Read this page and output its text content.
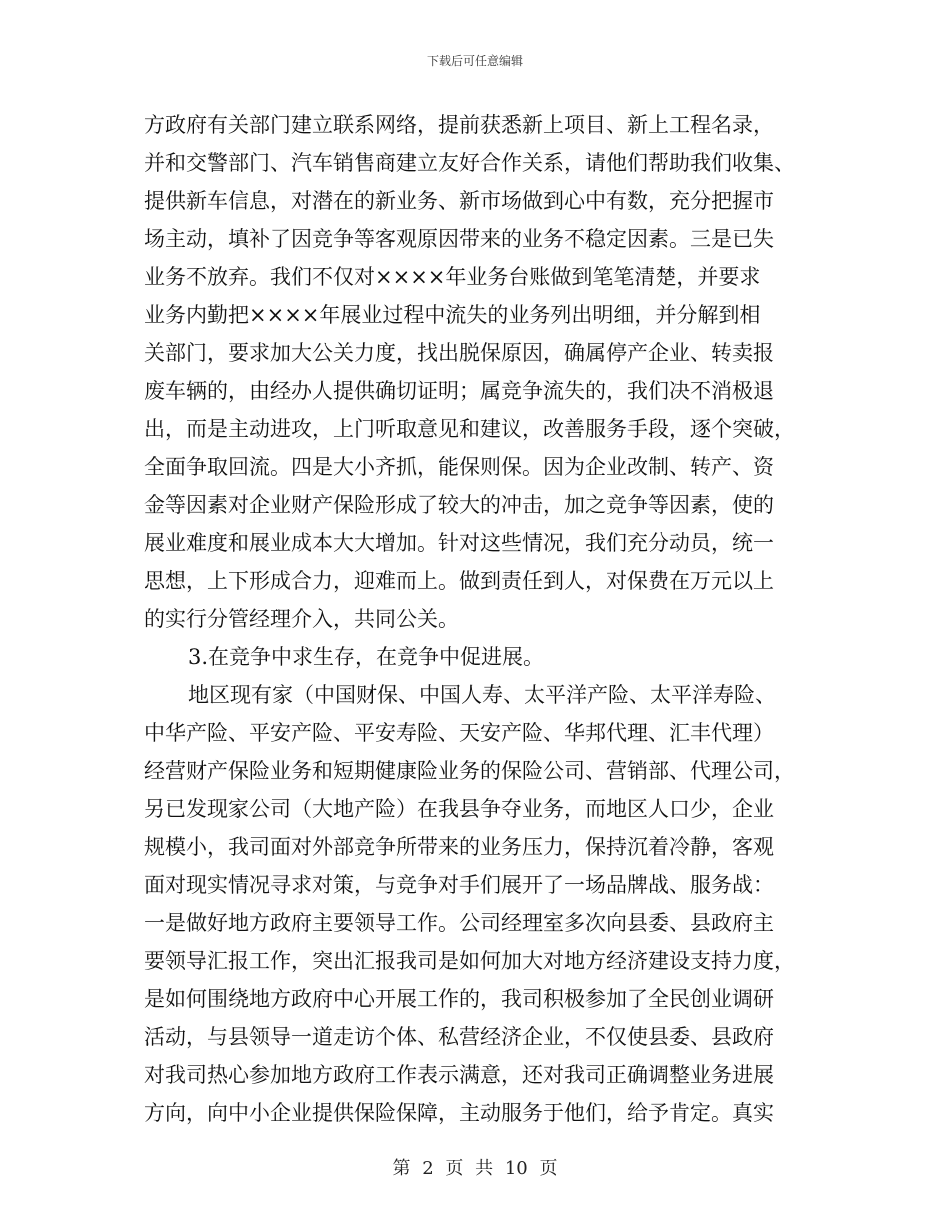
下载后可任意编辑
方政府有关部门建立联系网络，提前获悉新上项目、新上工程名录，
并和交警部门、汽车销售商建立友好合作关系，请他们帮助我们收集、
提供新车信息，对潜在的新业务、新市场做到心中有数，充分把握市
场主动，填补了因竞争等客观原因带来的业务不稳定因素。三是已失
业务不放弃。我们不仅对××××年业务台账做到笔笔清楚，并要求
业务内勤把××××年展业过程中流失的业务列出明细，并分解到相
关部门，要求加大公关力度，找出脱保原因，确属停产企业、转卖报
废车辆的，由经办人提供确切证明；属竞争流失的，我们决不消极退
出，而是主动进攻，上门听取意见和建议，改善服务手段，逐个突破，
全面争取回流。四是大小齐抓，能保则保。因为企业改制、转产、资
金等因素对企业财产保险形成了较大的冲击，加之竞争等因素，使的
展业难度和展业成本大大增加。针对这些情况，我们充分动员，统一
思想，上下形成合力，迎难而上。做到责任到人，对保费在万元以上
的实行分管经理介入，共同公关。
3.在竞争中求生存，在竞争中促进展。
地区现有家（中国财保、中国人寿、太平洋产险、太平洋寿险、
中华产险、平安产险、平安寿险、天安产险、华邦代理、汇丰代理）
经营财产保险业务和短期健康险业务的保险公司、营销部、代理公司，
另已发现家公司（大地产险）在我县争夺业务，而地区人口少，企业
规模小，我司面对外部竞争所带来的业务压力，保持沉着冷静，客观
面对现实情况寻求对策，与竞争对手们展开了一场品牌战、服务战：
一是做好地方政府主要领导工作。公司经理室多次向县委、县政府主
要领导汇报工作，突出汇报我司是如何加大对地方经济建设支持力度，
是如何围绕地方政府中心开展工作的，我司积极参加了全民创业调研
活动，与县领导一道走访个体、私营经济企业，不仅使县委、县政府
对我司热心参加地方政府工作表示满意，还对我司正确调整业务进展
方向，向中小企业提供保险保障，主动服务于他们，给予肯定。真实
第 2 页 共 10 页
